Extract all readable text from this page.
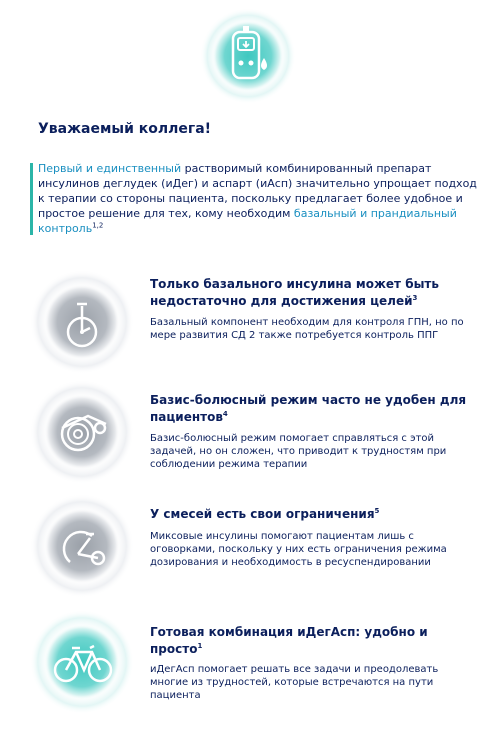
Уважаемый коллега!
Первый и единственный растворимый комбинированный препарат инсулинов деглудек (иДег) и аспарт (иАсп) значительно упрощает подход к терапии со стороны пациента, поскольку предлагает более удобное и простое решение для тех, кому необходим базальный и прандиальный контроль$^{1,2}$

Только базального инсулина может быть недостаточно для достижения целей$^3$

Базальный компонент необходим для контроля ГПН, но по мере развития СД 2 также потребуется контроль ППГ

Базис-болюсный режим часто не удобен для пациентов$^4$

Базис-болюсный режим помогает справляться с этой задачей, но он сложен, что приводит к трудностям при соблюдении режима терапии

У смесей есть свои ограничения$^5$

Миксовые инсулины помогают пациентам лишь с оговорками, поскольку у них есть ограничения режима дозирования и необходимость в ресуспендировании

Готовая комбинация иДегАсп: удобно и просто$^1$

иДегАсп помогает решать все задачи и преодолевать многие из трудностей, которые встречаются на пути пациента
